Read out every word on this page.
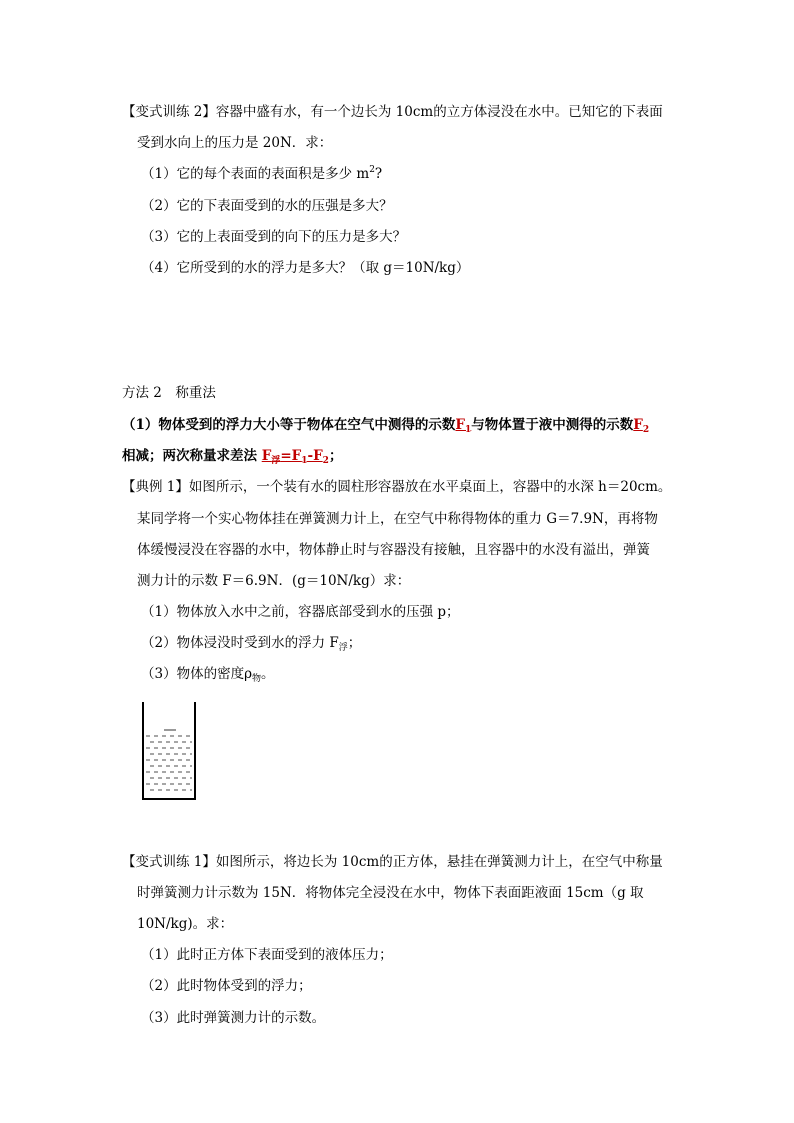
【变式训练 2】容器中盛有水，有一个边长为 10cm的立方体浸没在水中。已知它的下表面
受到水向上的压力是 20N．求：
（1）它的每个表面的表面积是多少 $m^2$?
（2）它的下表面受到的水的压强是多大？
（3）它的上表面受到的向下的压力是多大？
（4）它所受到的水的浮力是多大？（取 g＝10N/kg）
方法 2　称重法
（1）物体受到的浮力大小等于物体在空气中测得的示数$F_1$与物体置于液中测得的示数$F_2$
相减；两次称量求差法 $F_浮=F_1-F_2$；
【典例 1】如图所示，一个装有水的圆柱形容器放在水平桌面上，容器中的水深 h＝20cm。
某同学将一个实心物体挂在弹簧测力计上，在空气中称得物体的重力 G＝7.9N，再将物
体缓慢浸没在容器的水中，物体静止时与容器没有接触，且容器中的水没有溢出，弹簧
测力计的示数 F＝6.9N．(g＝10N/kg）求：
（1）物体放入水中之前，容器底部受到水的压强 p；
（2）物体浸没时受到水的浮力 $F_浮$；
（3）物体的密度$\rho_物$。
【变式训练 1】如图所示，将边长为 10cm的正方体，悬挂在弹簧测力计上，在空气中称量
时弹簧测力计示数为 15N．将物体完全浸没在水中，物体下表面距液面 15cm（g 取
10N/kg)。求：
（1）此时正方体下表面受到的液体压力；
（2）此时物体受到的浮力；
（3）此时弹簧测力计的示数。
